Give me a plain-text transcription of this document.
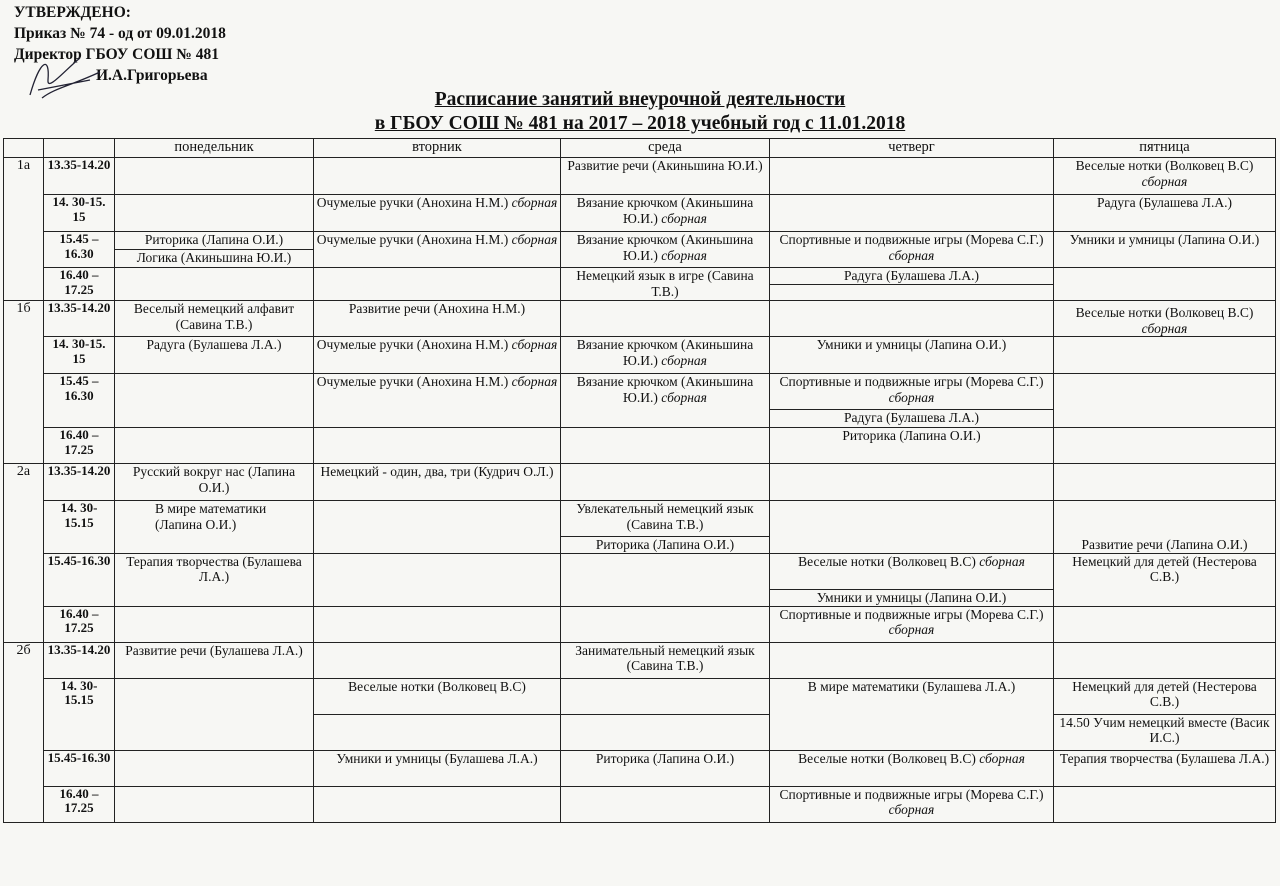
УТВЕРЖДЕНО:
Приказ № 74 - од от 09.01.2018
Директор ГБОУ СОШ № 481
И.А.Григорьева
Расписание занятий внеурочной деятельности
в ГБОУ СОШ № 481 на 2017 – 2018 учебный год с 11.01.2018
		понедельник	вторник	среда	четверг	пятница
1а	13.35-14.20			Развитие речи (Акиньшина Ю.И.)		Веселые нотки (Волковец В.С) сборная
	14. 30-15. 15		Очумелые ручки (Анохина Н.М.) сборная	Вязание крючком (Акиньшина Ю.И.) сборная		Радуга (Булашева Л.А.)
	15.45 – 16.30	Риторика (Лапина О.И.)	Очумелые ручки (Анохина Н.М.) сборная	Вязание крючком (Акиньшина Ю.И.) сборная	Спортивные и подвижные игры (Морева С.Г.) сборная	Умники и умницы (Лапина О.И.)
		Логика (Акиньшина Ю.И.)				
	16.40 – 17.25			Немецкий язык в игре (Савина Т.В.)	Радуга (Булашева Л.А.)	

1б	13.35-14.20	Веселый немецкий алфавит (Савина Т.В.)	Развитие речи (Анохина Н.М.)			Веселые нотки (Волковец В.С) сборная
	14. 30-15. 15	Радуга (Булашева Л.А.)	Очумелые ручки (Анохина Н.М.) сборная	Вязание крючком (Акиньшина Ю.И.) сборная	Умники и умницы (Лапина О.И.)	
	15.45 – 16.30		Очумелые ручки (Анохина Н.М.) сборная	Вязание крючком (Акиньшина Ю.И.) сборная	Спортивные и подвижные игры (Морева С.Г.) сборная	
					Радуга (Булашева Л.А.)	
	16.40 – 17.25				Риторика (Лапина О.И.)	

2а	13.35-14.20	Русский вокруг нас (Лапина О.И.)	Немецкий - один, два, три (Кудрич О.Л.)			
	14. 30-15.15	В мире математики (Лапина О.И.)		Увлекательный немецкий язык (Савина Т.В.)		Развитие речи (Лапина О.И.)
				Риторика (Лапина О.И.)		
	15.45-16.30	Терапия творчества (Булашева Л.А.)			Веселые нотки (Волковец В.С) сборная	Немецкий для детей (Нестерова С.В.)
					Умники и умницы (Лапина О.И.)	
	16.40 – 17.25				Спортивные и подвижные игры (Морева С.Г.) сборная	

2б	13.35-14.20	Развитие речи (Булашева Л.А.)		Занимательный немецкий язык (Савина Т.В.)		
	14. 30-15.15		Веселые нотки (Волковец В.С)		В мире математики (Булашева Л.А.)	Немецкий для детей (Нестерова С.В.)
						14.50 Учим немецкий вместе (Васик И.С.)
	15.45-16.30		Умники и умницы (Булашева Л.А.)	Риторика (Лапина О.И.)	Веселые нотки (Волковец В.С) сборная	Терапия творчества (Булашева Л.А.)

	16.40 – 17.25				Спортивные и подвижные игры (Морева С.Г.) сборная	
